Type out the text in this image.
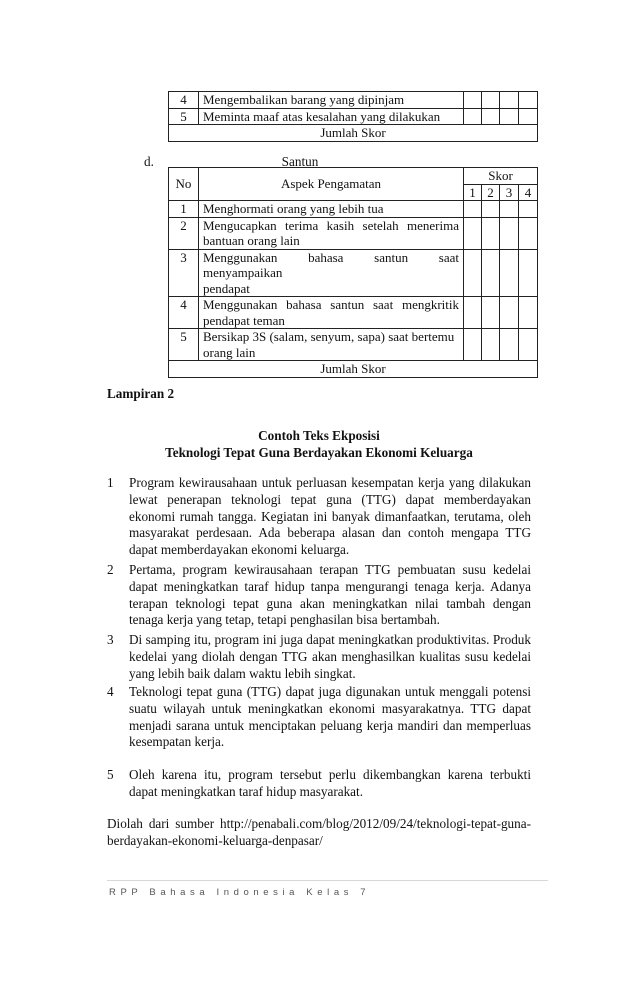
4	Mengembalikan barang yang dipinjam				
5	Meminta maaf atas kesalahan yang dilakukan				
Jumlah Skor					
d.	Santun
No	Aspek Pengamatan	Skor			
		1	2	3	4
1	Menghormati orang yang lebih tua				
2	Mengucapkan terima kasih setelah menerima
bantuan orang lain				

3	Menggunakan bahasa santun saat menyampaikan
pendapat				

4	Menggunakan bahasa santun saat mengkritik
pendapat teman				

5	Bersikap 3S (salam, senyum, sapa) saat bertemu
orang lain				

Jumlah Skor					
Lampiran 2
Contoh Teks Ekposisi
Teknologi Tepat Guna Berdayakan Ekonomi Keluarga
1 Program kewirausahaan untuk perluasan kesempatan kerja yang dilakukan lewat penerapan teknologi tepat guna (TTG) dapat memberdayakan ekonomi rumah tangga. Kegiatan ini banyak dimanfaatkan, terutama, oleh masyarakat perdesaan. Ada beberapa alasan dan contoh mengapa TTG dapat memberdayakan ekonomi keluarga.
2 Pertama, program kewirausahaan terapan TTG pembuatan susu kedelai dapat meningkatkan taraf hidup tanpa mengurangi tenaga kerja. Adanya terapan teknologi tepat guna akan meningkatkan nilai tambah dengan tenaga kerja yang tetap, tetapi penghasilan bisa bertambah.
3 Di samping itu, program ini juga dapat meningkatkan produktivitas. Produk kedelai yang diolah dengan TTG akan menghasilkan kualitas susu kedelai yang lebih baik dalam waktu lebih singkat.
4 Teknologi tepat guna (TTG) dapat juga digunakan untuk menggali potensi suatu wilayah untuk meningkatkan ekonomi masyarakatnya. TTG dapat menjadi sarana untuk menciptakan peluang kerja mandiri dan memperluas kesempatan kerja.
5 Oleh karena itu, program tersebut perlu dikembangkan karena terbukti dapat meningkatkan taraf hidup masyarakat.
Diolah dari sumber http://penabali.com/blog/2012/09/24/teknologi-tepat-guna-
berdayakan-ekonomi-keluarga-denpasar/
RPP Bahasa Indonesia Kelas 7
